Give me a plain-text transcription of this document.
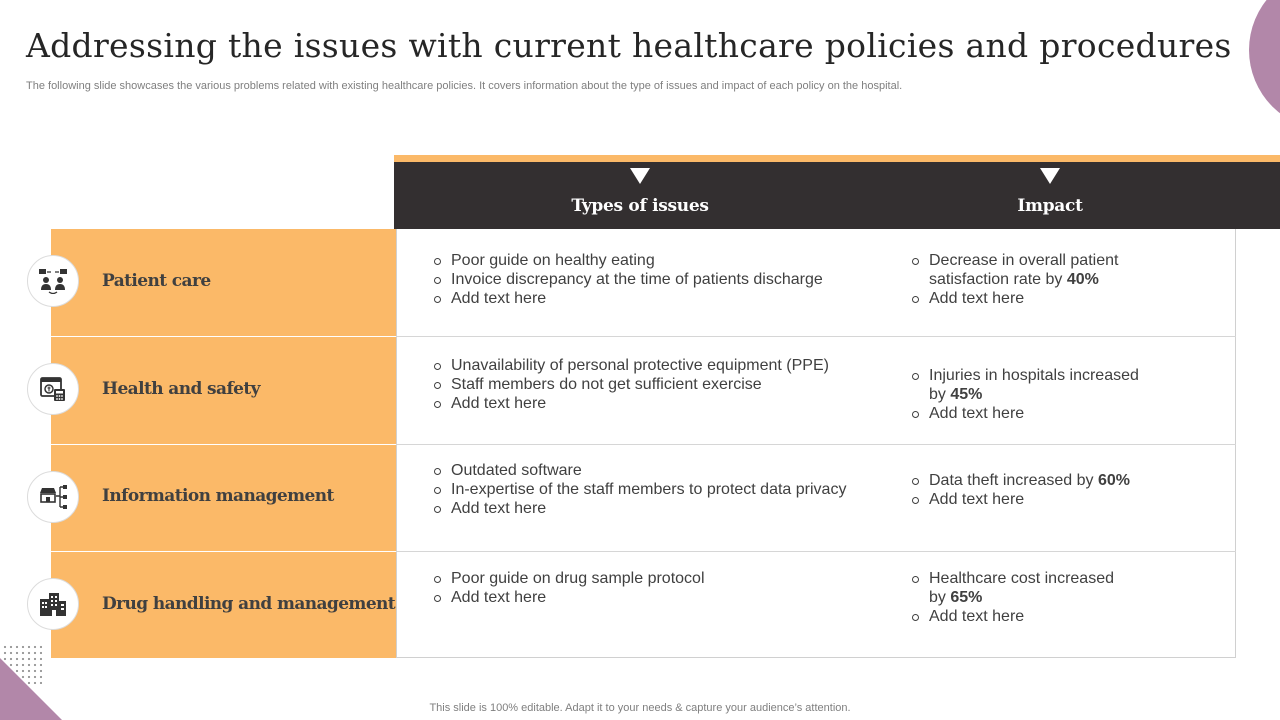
Addressing the issues with current healthcare policies and procedures

The following slide showcases the various problems related with existing healthcare policies. It covers information about the type of issues and impact of each policy on the hospital.

Types of issues	Impact
Patient care
Poor guide on healthy eating
Invoice discrepancy at the time of patients discharge
Add text here
Decrease in overall patient
satisfaction rate by 40%
Add text here
Health and safety
Unavailability of personal protective equipment (PPE)
Staff members do not get sufficient exercise
Add text here
Injuries in hospitals increased
by 45%
Add text here
Information management
Outdated software
In-expertise of the staff members to protect data privacy
Add text here
Data theft increased by 60%
Add text here
Drug handling and management
Poor guide on drug sample protocol
Add text here
Healthcare cost increased
by 65%
Add text here
This slide is 100% editable. Adapt it to your needs & capture your audience’s attention.
